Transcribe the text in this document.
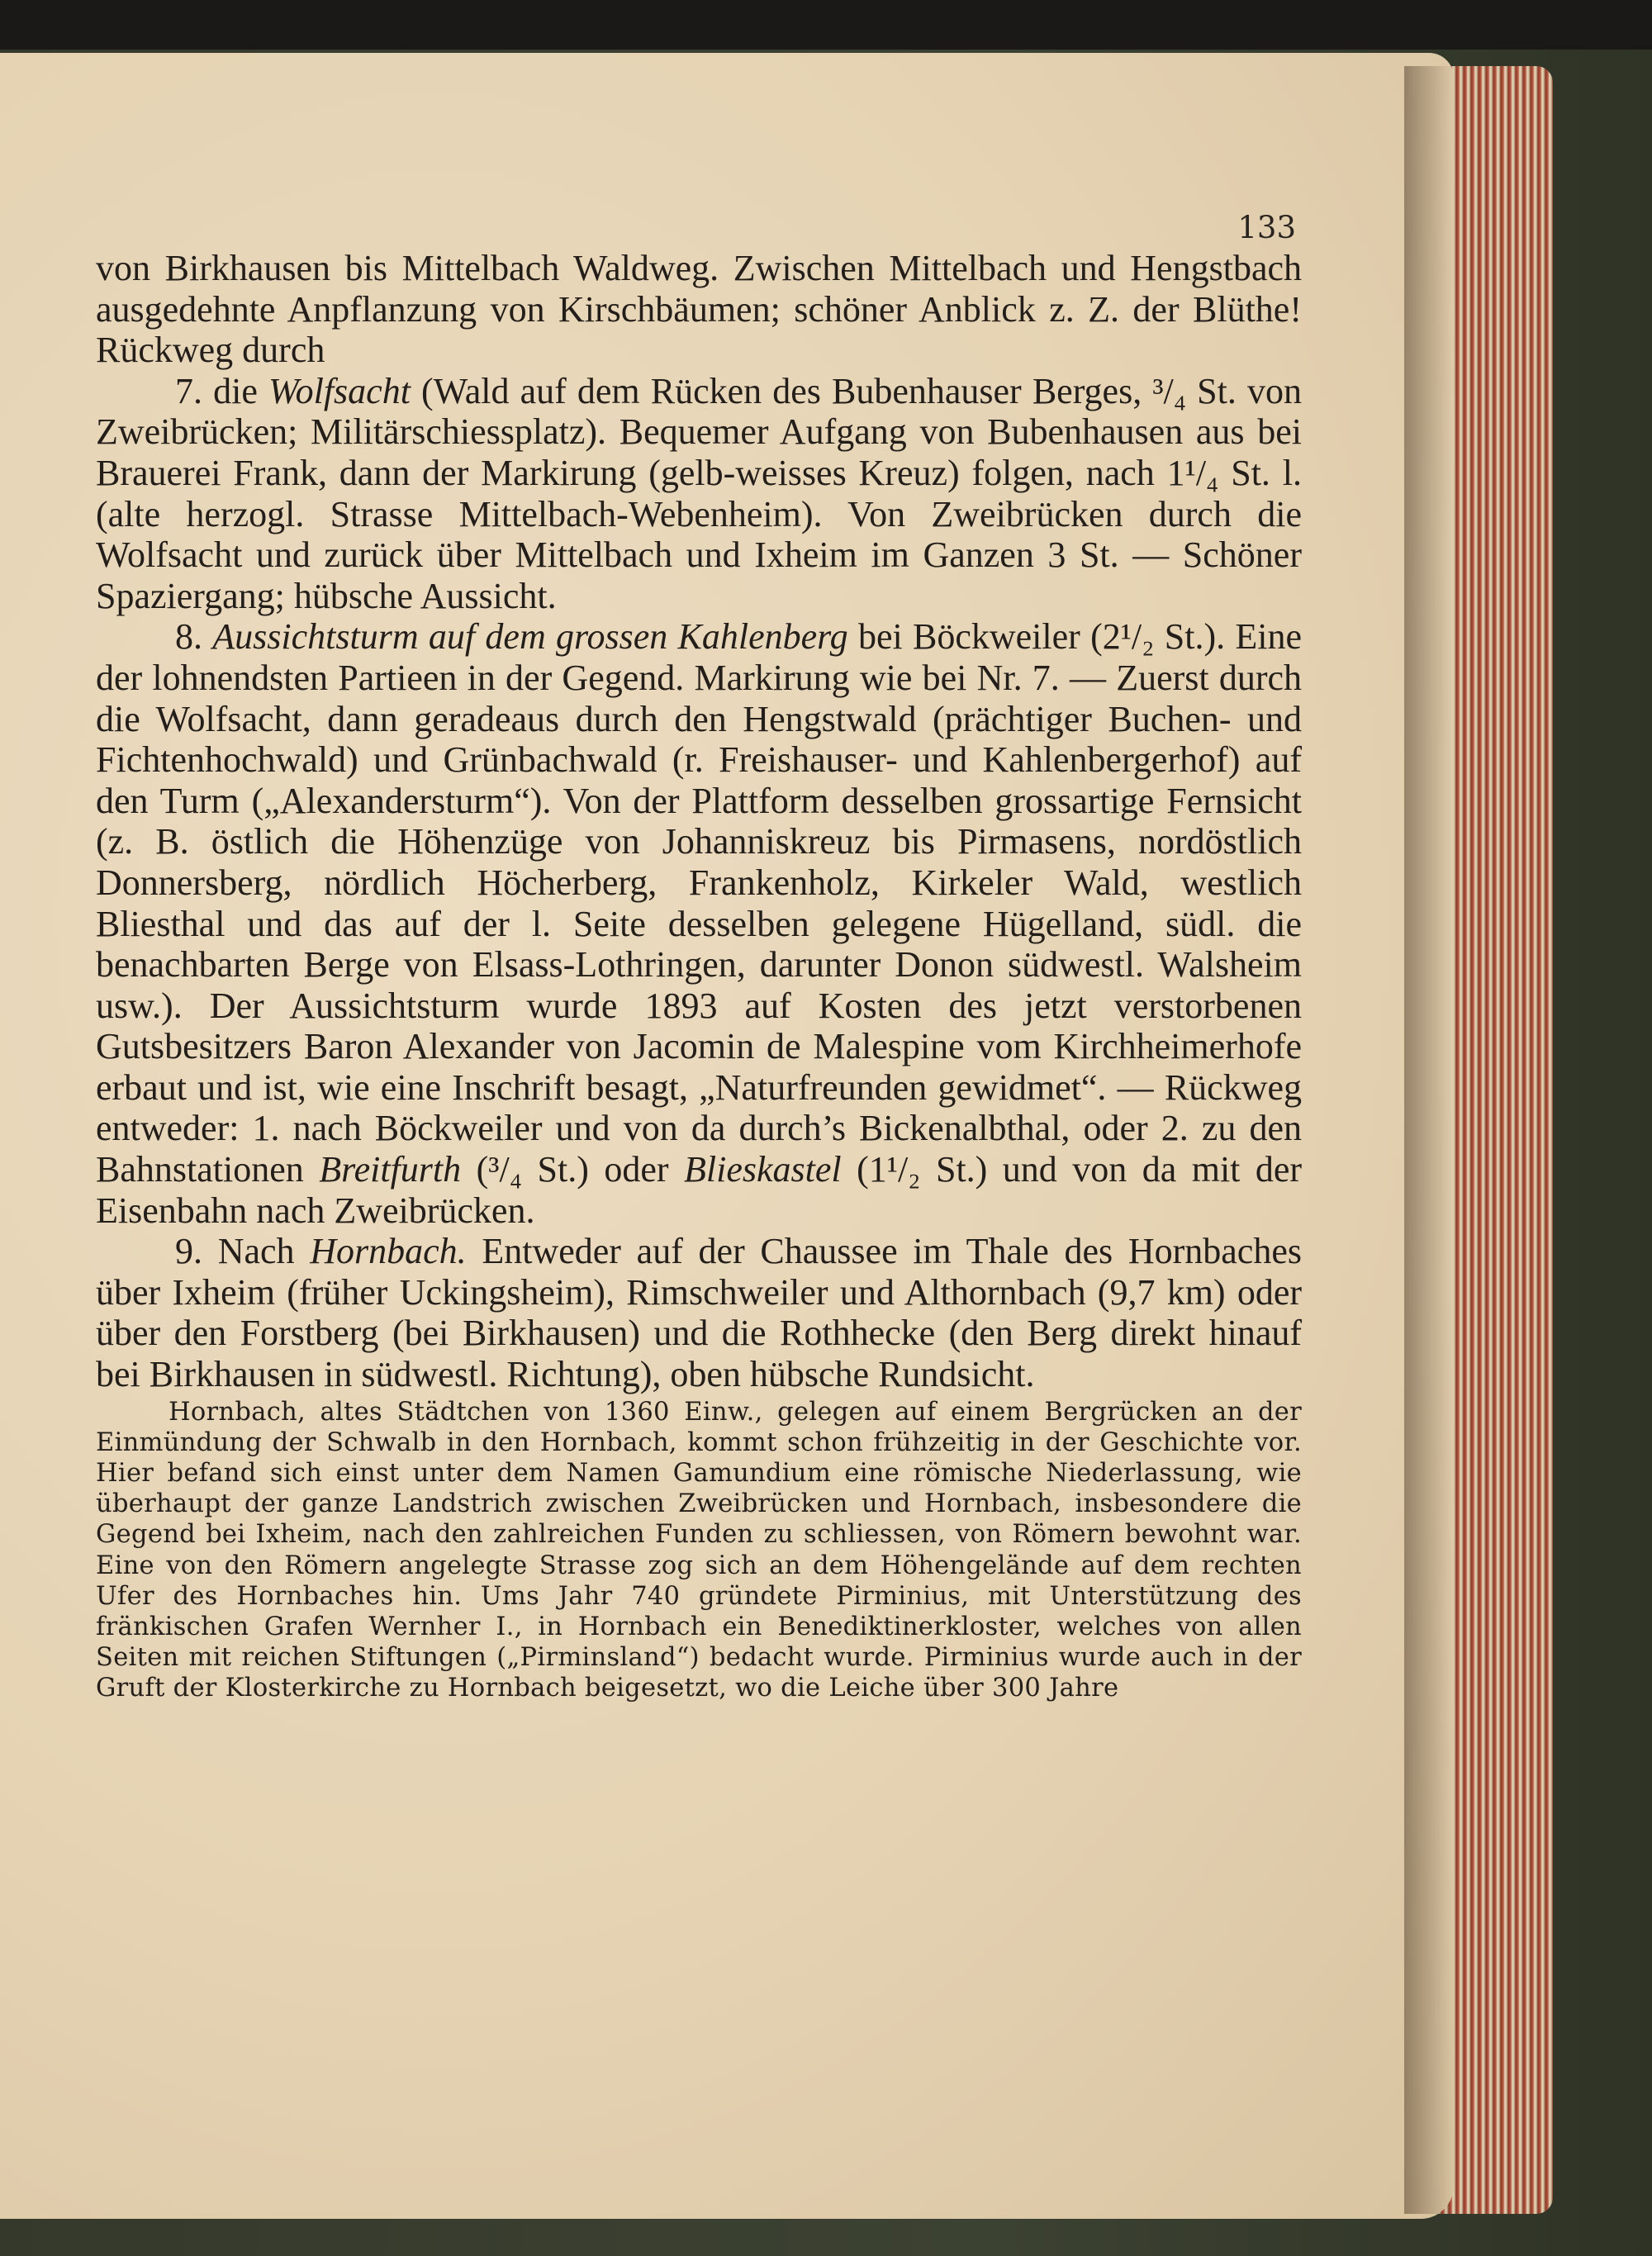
133

von Birkhausen bis Mittelbach Waldweg. Zwischen Mittelbach und Hengstbach ausgedehnte Anpflanzung von Kirschbäumen; schöner Anblick z. Z. der Blüthe! Rückweg durch

7. die Wolfsacht (Wald auf dem Rücken des Bubenhauser Berges, ³/₄ St. von Zweibrücken; Militärschiessplatz). Bequemer Aufgang von Bubenhausen aus bei Brauerei Frank, dann der Markirung (gelb-weisses Kreuz) folgen, nach 1¹/₄ St. l. (alte herzogl. Strasse Mittelbach-Webenheim). Von Zweibrücken durch die Wolfsacht und zurück über Mittelbach und Ixheim im Ganzen 3 St. — Schöner Spaziergang; hübsche Aussicht.

8. Aussichtsturm auf dem grossen Kahlenberg bei Böckweiler (2¹/₂ St.). Eine der lohnendsten Partieen in der Gegend. Markirung wie bei Nr. 7. — Zuerst durch die Wolfsacht, dann geradeaus durch den Hengstwald (prächtiger Buchen- und Fichtenhochwald) und Grünbachwald (r. Freishauser- und Kahlenbergerhof) auf den Turm („Alexandersturm“). Von der Plattform desselben grossartige Fernsicht (z. B. östlich die Höhenzüge von Johanniskreuz bis Pirmasens, nordöstlich Donnersberg, nördlich Höcherberg, Frankenholz, Kirkeler Wald, westlich Bliesthal und das auf der l. Seite desselben gelegene Hügelland, südl. die benachbarten Berge von Elsass-Lothringen, darunter Donon südwestl. Walsheim usw.). Der Aussichtsturm wurde 1893 auf Kosten des jetzt verstorbenen Gutsbesitzers Baron Alexander von Jacomin de Malespine vom Kirchheimerhofe erbaut und ist, wie eine Inschrift besagt, „Naturfreunden gewidmet“. — Rückweg entweder: 1. nach Böckweiler und von da durch’s Bickenalbthal, oder 2. zu den Bahnstationen Breitfurth (³/₄ St.) oder Blieskastel (1¹/₂ St.) und von da mit der Eisenbahn nach Zweibrücken.

9. Nach Hornbach. Entweder auf der Chaussee im Thale des Hornbaches über Ixheim (früher Uckingsheim), Rimschweiler und Althornbach (9,7 km) oder über den Forstberg (bei Birkhausen) und die Rothhecke (den Berg direkt hinauf bei Birkhausen in südwestl. Richtung), oben hübsche Rundsicht.

Hornbach, altes Städtchen von 1360 Einw., gelegen auf einem Bergrücken an der Einmündung der Schwalb in den Hornbach, kommt schon frühzeitig in der Geschichte vor. Hier befand sich einst unter dem Namen Gamundium eine römische Niederlassung, wie überhaupt der ganze Landstrich zwischen Zweibrücken und Hornbach, insbesondere die Gegend bei Ixheim, nach den zahlreichen Funden zu schliessen, von Römern bewohnt war. Eine von den Römern angelegte Strasse zog sich an dem Höhengelände auf dem rechten Ufer des Hornbaches hin. Ums Jahr 740 gründete Pirminius, mit Unterstützung des fränkischen Grafen Wernher I., in Hornbach ein Benediktinerkloster, welches von allen Seiten mit reichen Stiftungen („Pirminsland“) bedacht wurde. Pirminius wurde auch in der Gruft der Klosterkirche zu Hornbach beigesetzt, wo die Leiche über 300 Jahre
